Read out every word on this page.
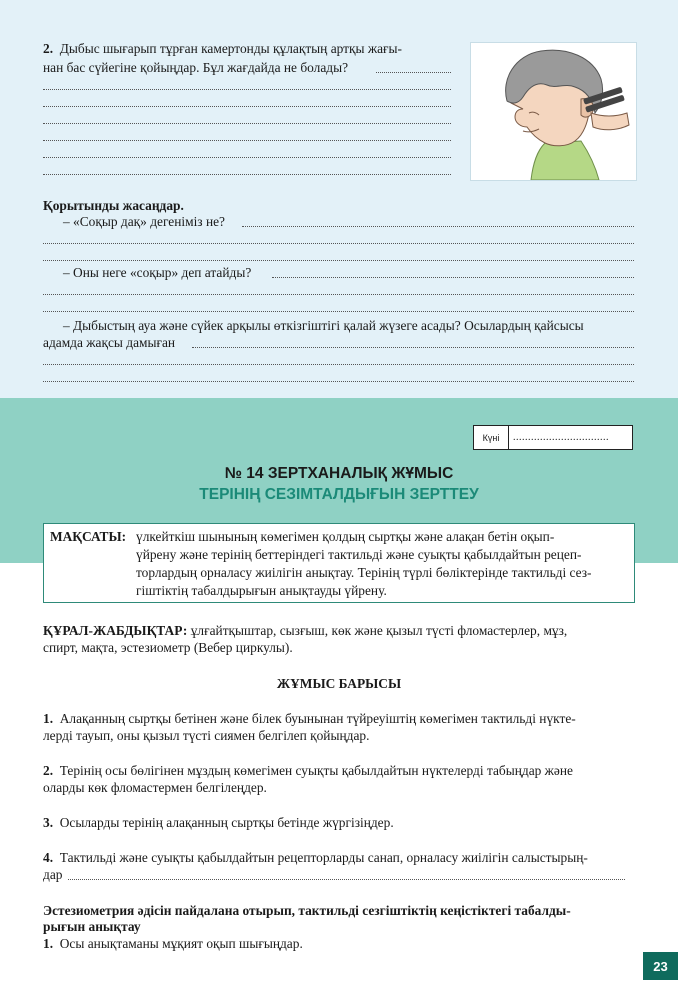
2. Дыбыс шығарып тұрған камертонды құлақтың артқы жағы-
нан бас сүйегіне қойыңдар. Бұл жағдайда не болады?
Қорытынды жасаңдар.
– «Соқыр дақ» дегеніміз не?
– Оны неге «соқыр» деп атайды?
– Дыбыстың ауа және сүйек арқылы өткізгіштігі қалай жүзеге асады? Осылардың қайсысы
адамда жақсы дамыған
Күні	................................
№ 14 ЗЕРТХАНАЛЫҚ ЖҰМЫС
ТЕРІНІҢ СЕЗІМТАЛДЫҒЫН ЗЕРТТЕУ
МАҚСАТЫ: үлкейткіш шынының көмегімен қолдың сыртқы және алақан бетін оқып-
үйрену және терінің беттеріндегі тактильді және суықты қабылдайтын рецеп-
торлардың орналасу жиілігін анықтау. Терінің түрлі бөліктерінде тактильді сез-
гіштіктің табалдырығын анықтауды үйрену.
ҚҰРАЛ-ЖАБДЫҚТАР: ұлғайтқыштар, сызғыш, көк және қызыл түсті фломастерлер, мұз,
спирт, мақта, эстезиометр (Вебер циркулы).
ЖҰМЫС БАРЫСЫ
1. Алақанның сыртқы бетінен және білек буынынан түйреуіштің көмегімен тактильді нүкте-
лерді тауып, оны қызыл түсті сиямен белгілеп қойыңдар.
2. Терінің осы бөлігінен мұздың көмегімен суықты қабылдайтын нүктелерді табыңдар және
оларды көк фломастермен белгілеңдер.
3. Осыларды терінің алақанның сыртқы бетінде жүргізіңдер.
4. Тактильді және суықты қабылдайтын рецепторларды санап, орналасу жиілігін салыстырың-
дар
Эстезиометрия әдісін пайдалана отырып, тактильді сезгіштіктің кеңістіктегі табалды-
рығын анықтау
1. Осы анықтаманы мұқият оқып шығыңдар.
23
